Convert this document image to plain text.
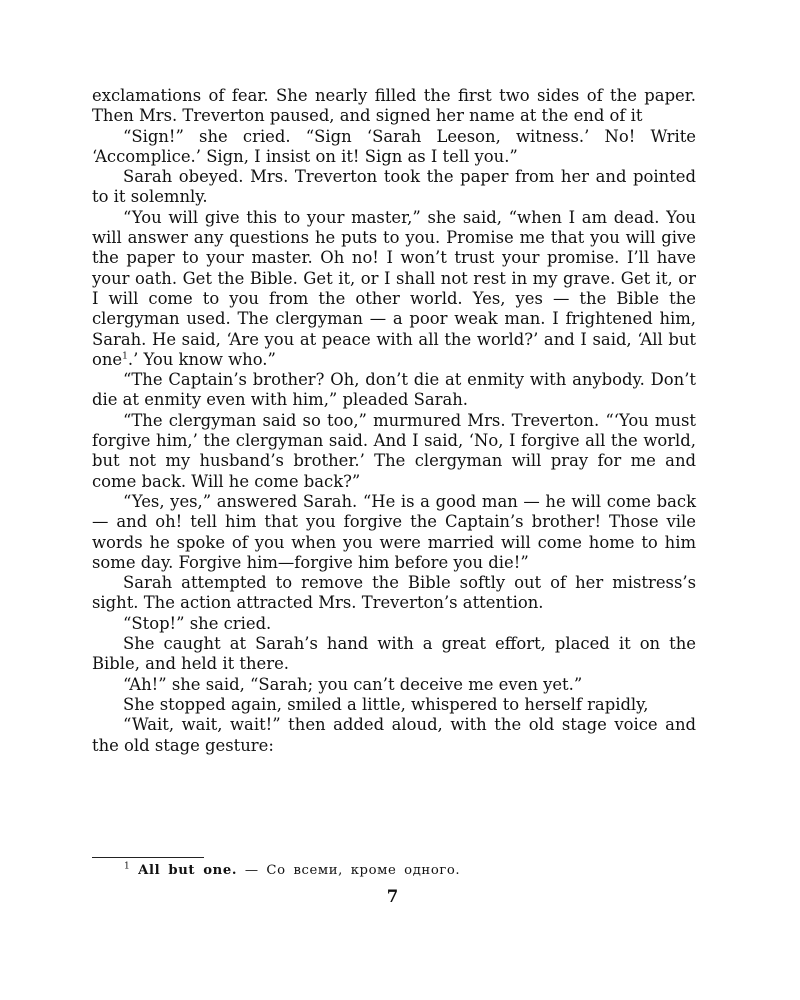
exclamations of fear. She nearly filled the first two sides of the paper. Then Mrs. Treverton paused, and signed her name at the end of it

“Sign!” she cried. “Sign ‘Sarah Leeson, witness.’ No! Write ‘Accomplice.’ Sign, I insist on it! Sign as I tell you.”

Sarah obeyed. Mrs. Treverton took the paper from her and pointed to it solemnly.

“You will give this to your master,” she said, “when I am dead. You will answer any questions he puts to you. Promise me that you will give the paper to your master. Oh no! I won’t trust your promise. I’ll have your oath. Get the Bible. Get it, or I shall not rest in my grave. Get it, or I will come to you from the other world. Yes, yes — the Bible the clergyman used. The clergyman — a poor weak man. I frightened him, Sarah. He said, ‘Are you at peace with all the world?’ and I said, ‘All but one$^1$.’ You know who.”

“The Captain’s brother? Oh, don’t die at enmity with anybody. Don’t die at enmity even with him,” pleaded Sarah.

“The clergyman said so too,” murmured Mrs. Treverton. “‘You must forgive him,’ the clergyman said. And I said, ‘No, I forgive all the world, but not my husband’s brother.’ The clergyman will pray for me and come back. Will he come back?”

“Yes, yes,” answered Sarah. “He is a good man — he will come back — and oh! tell him that you forgive the Captain’s brother! Those vile words he spoke of you when you were married will come home to him some day. Forgive him—forgive him before you die!”

Sarah attempted to remove the Bible softly out of her mistress’s sight. The action attracted Mrs. Treverton’s attention.

“Stop!” she cried.

She caught at Sarah’s hand with a great effort, placed it on the Bible, and held it there.

“Ah!” she said, “Sarah; you can’t deceive me even yet.”

She stopped again, smiled a little, whispered to herself rapidly,

“Wait, wait, wait!” then added aloud, with the old stage voice and the old stage gesture:

$^1$ All but one. — Со всеми, кроме одного.
7
